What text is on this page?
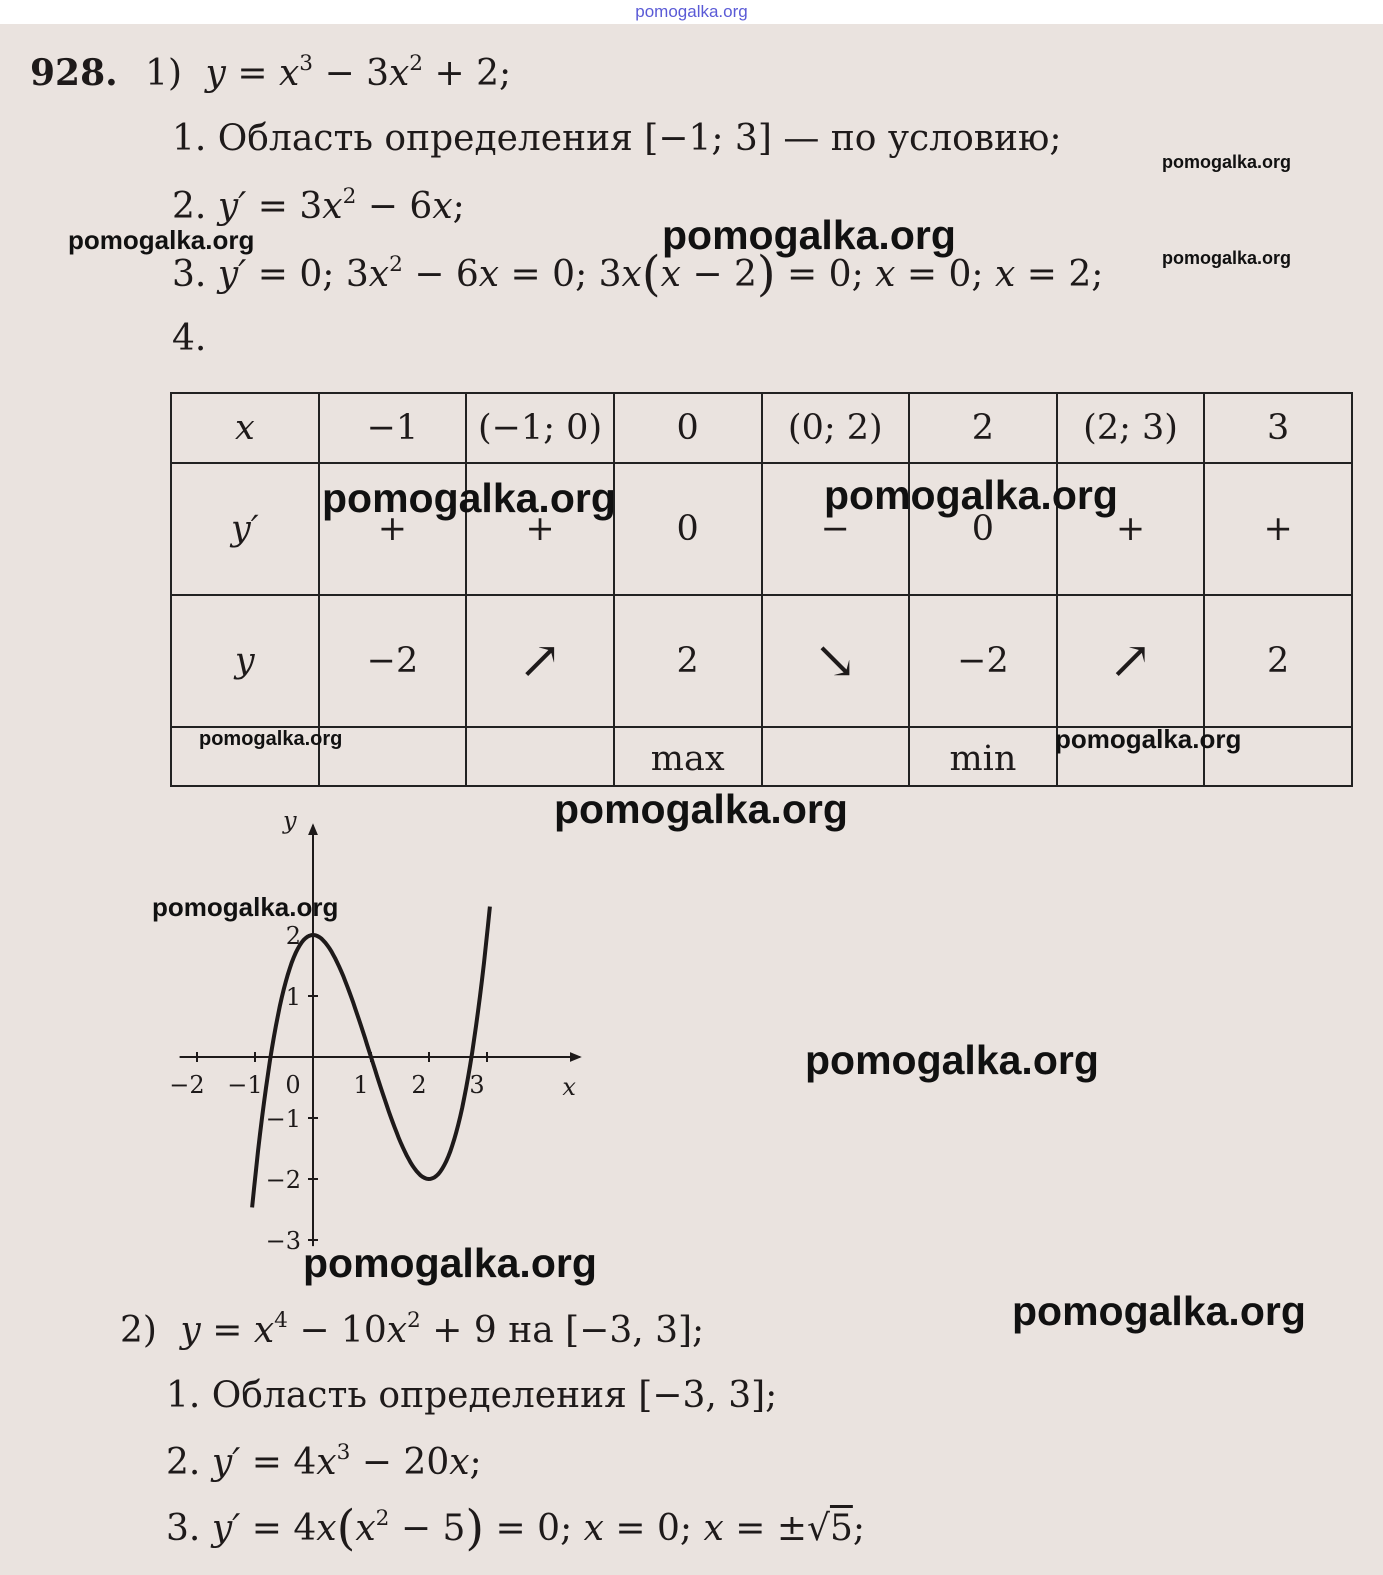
pomogalka.org
928. 1) $y = x^3 - 3x^2 + 2$;
1. Область определения [−1; 3] — по условию;
2. $y' = 3x^2 - 6x$;
3. y′ = 0; $3x^2 - 6x = 0$; 3x(x − 2) = 0; x = 0; x = 2;
4.
x	−1	(−1; 0)	0	(0; 2)	2	(2; 3)	3
y′	+	+	0	−	0	+	+
y	−2	↗	2	↘	−2	↗	2
			max		min		
x
y
−2 −1 0 1 2 3
2
1
−1
−2
−3
2) $y = x^4 - 10x^2 + 9$ на [−3, 3];
1. Область определения [−3, 3];
2. $y' = 4x^3 - 20x$;
3. $y' = 4x(x^2 - 5) = 0$; x = 0; x = ±√5;
pomogalka.org
pomogalka.org	pomogalka.org	pomogalka.org
pomogalka.org	pomogalka.org
pomogalka.org	pomogalka.org
pomogalka.org
pomogalka.org
pomogalka.org
pomogalka.org
pomogalka.org
